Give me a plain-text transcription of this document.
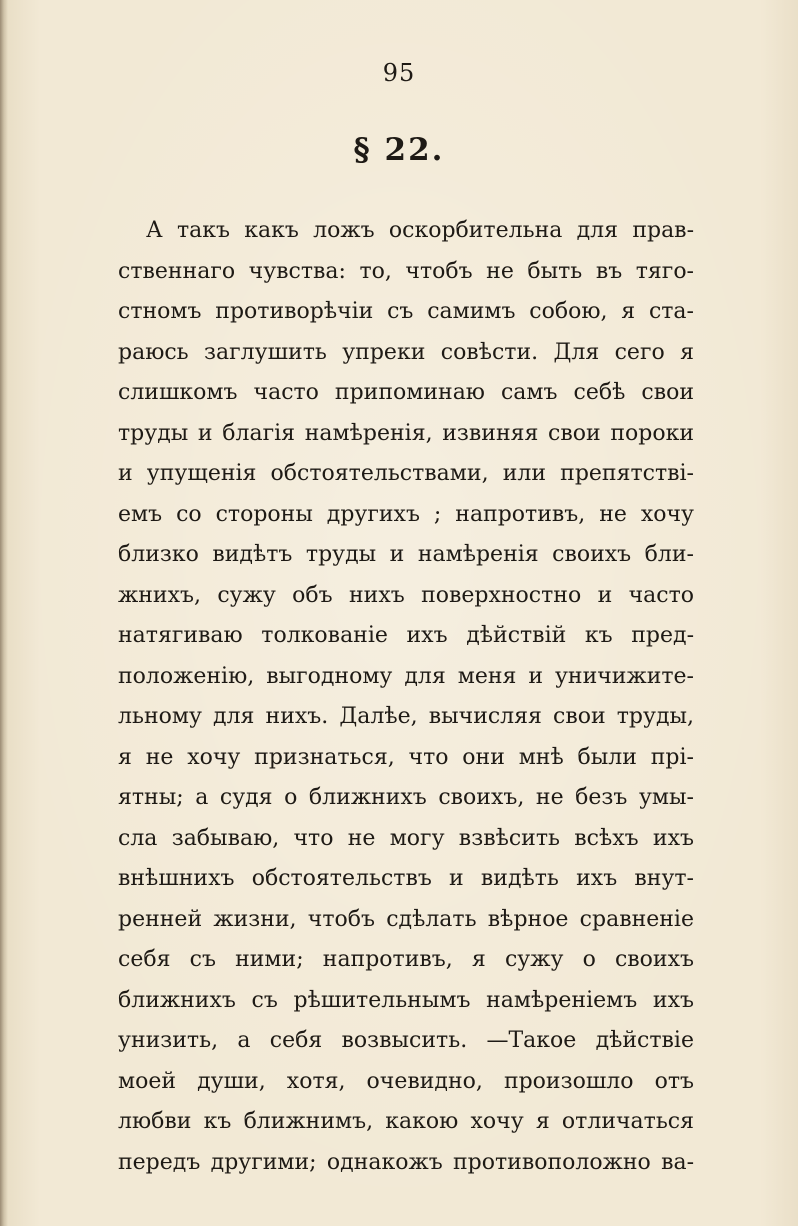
95
§ 22.
А такъ какъ ложъ оскорбительна для прав-
ственнаго чувства: то, чтобъ не быть въ тяго-
стномъ противорѣчіи съ самимъ собою, я ста-
раюсь заглушить упреки совѣсти. Для сего я
слишкомъ часто припоминаю самъ себѣ свои
труды и благія намѣренія, извиняя свои пороки
и упущенія обстоятельствами, или препятствi-
емъ со стороны другихъ ; напротивъ, не хочу
близко видѣтъ труды и намѣренія своихъ бли-
жнихъ, сужу объ нихъ поверхностно и часто
натягиваю толкованіе ихъ дѣйствій къ пред-
положенію, выгодному для меня и уничижите-
льному для нихъ. Далѣе, вычисляя свои труды,
я не хочу признаться, что они мнѣ были прі-
ятны; а судя о ближнихъ своихъ, не безъ умы-
сла забываю, что не могу взвѣсить всѣхъ ихъ
внѣшнихъ обстоятельствъ и видѣть ихъ внут-
ренней жизни, чтобъ сдѣлать вѣрное сравненіе
себя съ ними; напротивъ, я сужу о своихъ
ближнихъ съ рѣшительнымъ намѣреніемъ ихъ
унизить, а себя возвысить. —Такое дѣйствіе
моей души, хотя, очевидно, произошло отъ
любви къ ближнимъ, какою хочу я отличаться
передъ другими; однакожъ противоположно ва-
